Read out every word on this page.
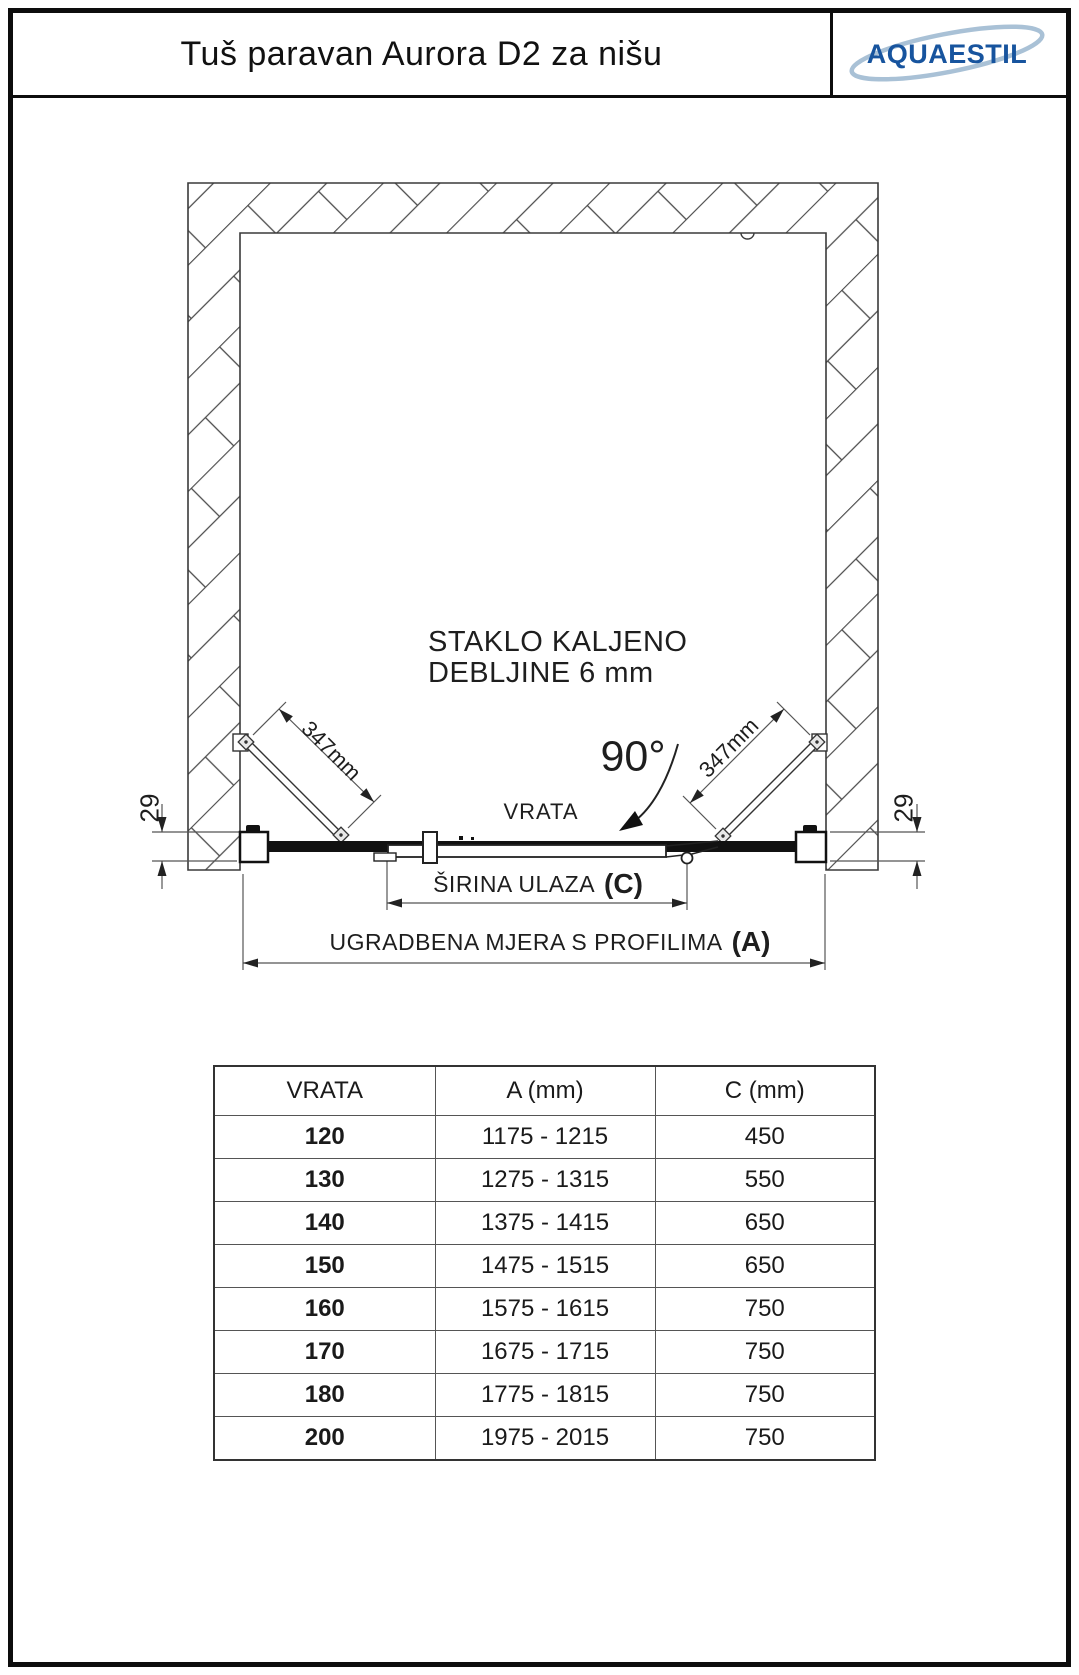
Tuš paravan Aurora D2 za nišu	AQUAESTIL
STAKLO KALJENO
DEBLJINE 6 mm
90°
VRATA
347mm	347mm
29	29
ŠIRINA ULAZA (C)
UGRADBENA MJERA S PROFILIMA (A)
VRATA	A (mm)	C (mm)
120	1175 - 1215	450
130	1275 - 1315	550
140	1375 - 1415	650
150	1475 - 1515	650
160	1575 - 1615	750
170	1675 - 1715	750
180	1775 - 1815	750
200	1975 - 2015	750
